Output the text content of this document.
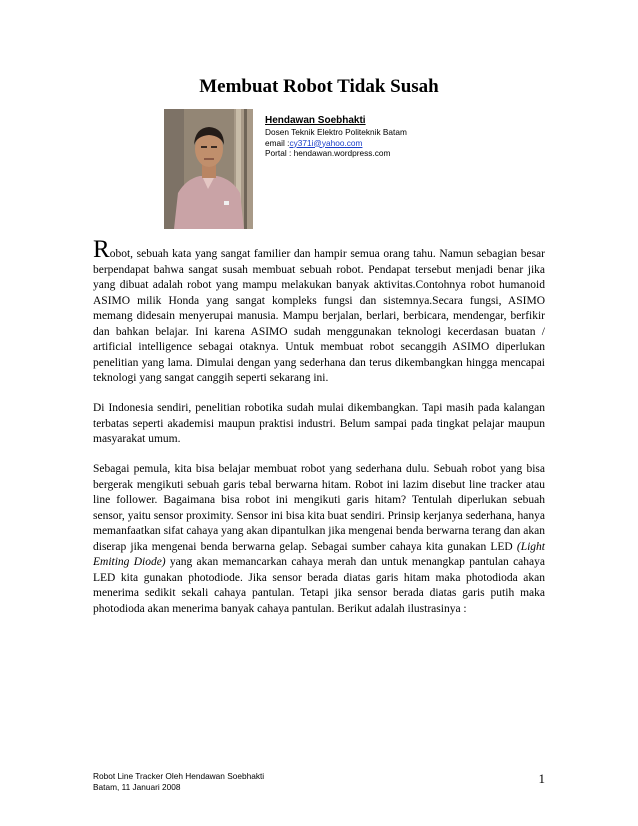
Membuat Robot Tidak Susah
Hendawan Soebhakti
Dosen Teknik Elektro Politeknik Batam
email :cy371i@yahoo.com
Portal : hendawan.wordpress.com

Robot, sebuah kata yang sangat familier dan hampir semua orang tahu. Namun sebagian besar berpendapat bahwa sangat susah membuat sebuah robot. Pendapat tersebut menjadi benar jika yang dibuat adalah robot yang mampu melakukan banyak aktivitas.Contohnya robot humanoid ASIMO milik Honda yang sangat kompleks fungsi dan sistemnya.Secara fungsi, ASIMO memang didesain menyerupai manusia. Mampu berjalan, berlari, berbicara, mendengar, berfikir dan bahkan belajar. Ini karena ASIMO sudah menggunakan teknologi kecerdasan buatan / artificial intelligence sebagai otaknya. Untuk membuat robot secanggih ASIMO diperlukan penelitian yang lama. Dimulai dengan yang sederhana dan terus dikembangkan hingga mencapai teknologi yang sangat canggih seperti sekarang ini.

Di Indonesia sendiri, penelitian robotika sudah mulai dikembangkan. Tapi masih pada kalangan terbatas seperti akademisi maupun praktisi industri. Belum sampai pada tingkat pelajar maupun masyarakat umum.

Sebagai pemula, kita bisa belajar membuat robot yang sederhana dulu. Sebuah robot yang bisa bergerak mengikuti sebuah garis tebal berwarna hitam. Robot ini lazim disebut line tracker atau line follower. Bagaimana bisa robot ini mengikuti garis hitam? Tentulah diperlukan sebuah sensor, yaitu sensor proximity. Sensor ini bisa kita buat sendiri. Prinsip kerjanya sederhana, hanya memanfaatkan sifat cahaya yang akan dipantulkan jika mengenai benda berwarna terang dan akan diserap jika mengenai benda berwarna gelap. Sebagai sumber cahaya kita gunakan LED (Light Emiting Diode) yang akan memancarkan cahaya merah dan untuk menangkap pantulan cahaya LED kita gunakan photodiode. Jika sensor berada diatas garis hitam maka photodioda akan menerima sedikit sekali cahaya pantulan. Tetapi jika sensor berada diatas garis putih maka photodioda akan menerima banyak cahaya pantulan. Berikut adalah ilustrasinya :

Robot Line Tracker Oleh Hendawan Soebhakti
Batam, 11 Januari 2008
1
